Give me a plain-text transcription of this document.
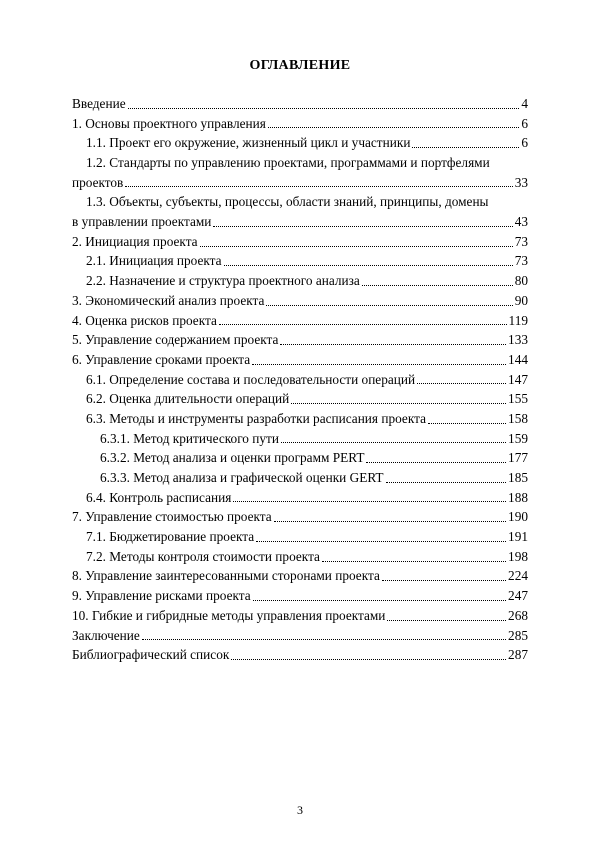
ОГЛАВЛЕНИЕ
Введение	4
1. Основы проектного управления	6
1.1. Проект его окружение, жизненный цикл и участники	6
1.2. Стандарты по управлению проектами, программами и портфелями
проектов	33
1.3. Объекты, субъекты, процессы, области знаний, принципы, домены
в управлении проектами	43
2. Инициация проекта	73
2.1. Инициация проекта	73
2.2. Назначение и структура проектного анализа	80
3. Экономический анализ проекта	90
4. Оценка рисков проекта	119
5. Управление содержанием проекта	133
6. Управление сроками проекта	144
6.1. Определение состава и последовательности операций	147
6.2. Оценка длительности операций	155
6.3. Методы и инструменты разработки расписания проекта	158
6.3.1. Метод критического пути	159
6.3.2. Метод анализа и оценки программ PERT	177
6.3.3. Метод анализа и графической оценки GERT	185
6.4. Контроль расписания	188
7. Управление стоимостью проекта	190
7.1. Бюджетирование проекта	191
7.2. Методы контроля стоимости проекта	198
8. Управление заинтересованными сторонами проекта	224
9. Управление рисками проекта	247
10. Гибкие и гибридные методы управления проектами	268
Заключение	285
Библиографический список	287
3
